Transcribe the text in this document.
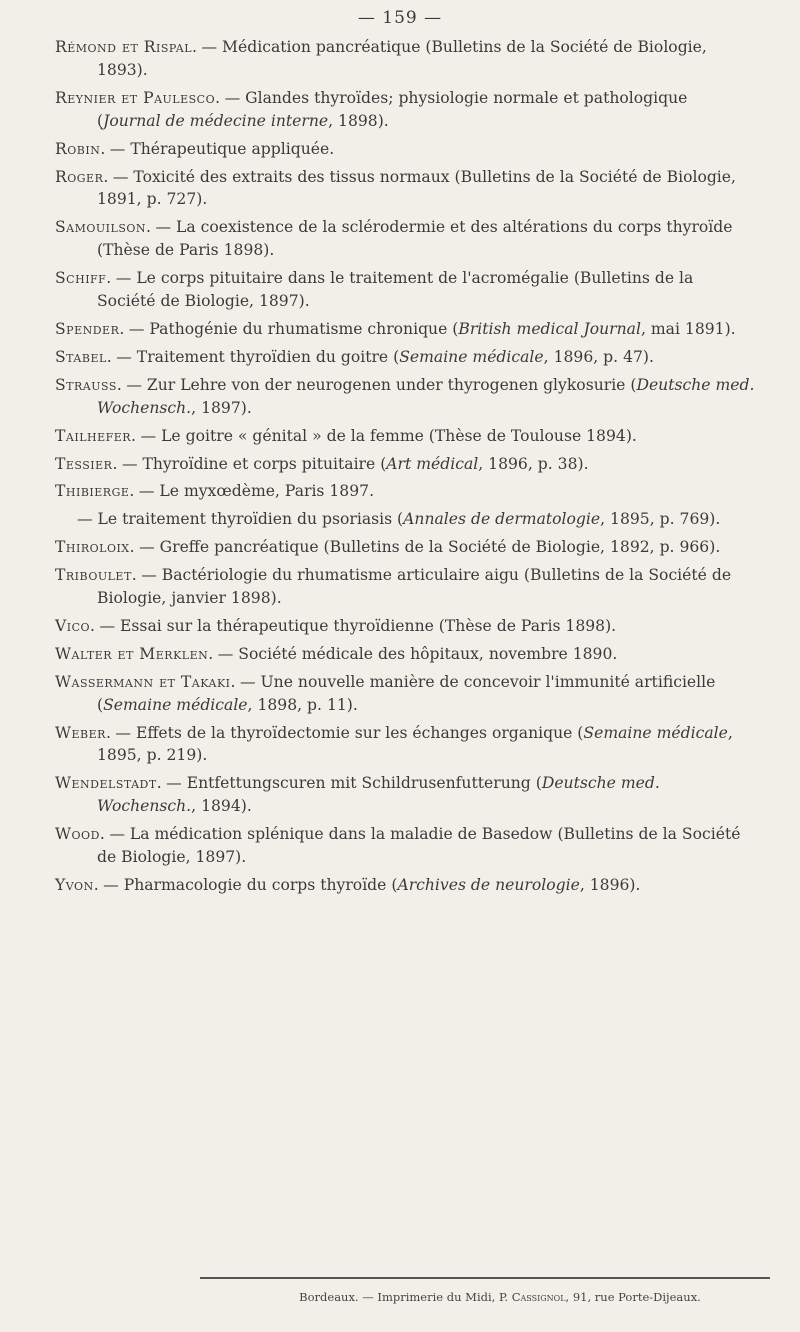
— 159 —

Rémond et Rispal. — Médication pancréatique (Bulletins de la Société de Biologie, 1893).

Reynier et Paulesco. — Glandes thyroïdes; physiologie normale et pathologique (Journal de médecine interne, 1898).

Robin. — Thérapeutique appliquée.

Roger. — Toxicité des extraits des tissus normaux (Bulletins de la Société de Biologie, 1891, p. 727).

Samouilson. — La coexistence de la sclérodermie et des altérations du corps thyroïde (Thèse de Paris 1898).

Schiff. — Le corps pituitaire dans le traitement de l'acromégalie (Bulletins de la Société de Biologie, 1897).

Spender. — Pathogénie du rhumatisme chronique (British medical Journal, mai 1891).

Stabel. — Traitement thyroïdien du goitre (Semaine médicale, 1896, p. 47).

Strauss. — Zur Lehre von der neurogenen under thyrogenen glykosurie (Deutsche med. Wochensch., 1897).

Tailhefer. — Le goitre « génital » de la femme (Thèse de Toulouse 1894).

Tessier. — Thyroïdine et corps pituitaire (Art médical, 1896, p. 38).

Thibierge. — Le myxœdème, Paris 1897.

— Le traitement thyroïdien du psoriasis (Annales de dermatologie, 1895, p. 769).

Thiroloix. — Greffe pancréatique (Bulletins de la Société de Biologie, 1892, p. 966).

Triboulet. — Bactériologie du rhumatisme articulaire aigu (Bulletins de la Société de Biologie, janvier 1898).

Vico. — Essai sur la thérapeutique thyroïdienne (Thèse de Paris 1898).

Walter et Merklen. — Société médicale des hôpitaux, novembre 1890.

Wassermann et Takaki. — Une nouvelle manière de concevoir l'immunité artificielle (Semaine médicale, 1898, p. 11).

Weber. — Effets de la thyroïdectomie sur les échanges organique (Semaine médicale, 1895, p. 219).

Wendelstadt. — Entfettungscuren mit Schildrusenfutterung (Deutsche med. Wochensch., 1894).

Wood. — La médication splénique dans la maladie de Basedow (Bulletins de la Société de Biologie, 1897).

Yvon. — Pharmacologie du corps thyroïde (Archives de neurologie, 1896).

Bordeaux. — Imprimerie du Midi, P. Cassignol, 91, rue Porte-Dijeaux.
